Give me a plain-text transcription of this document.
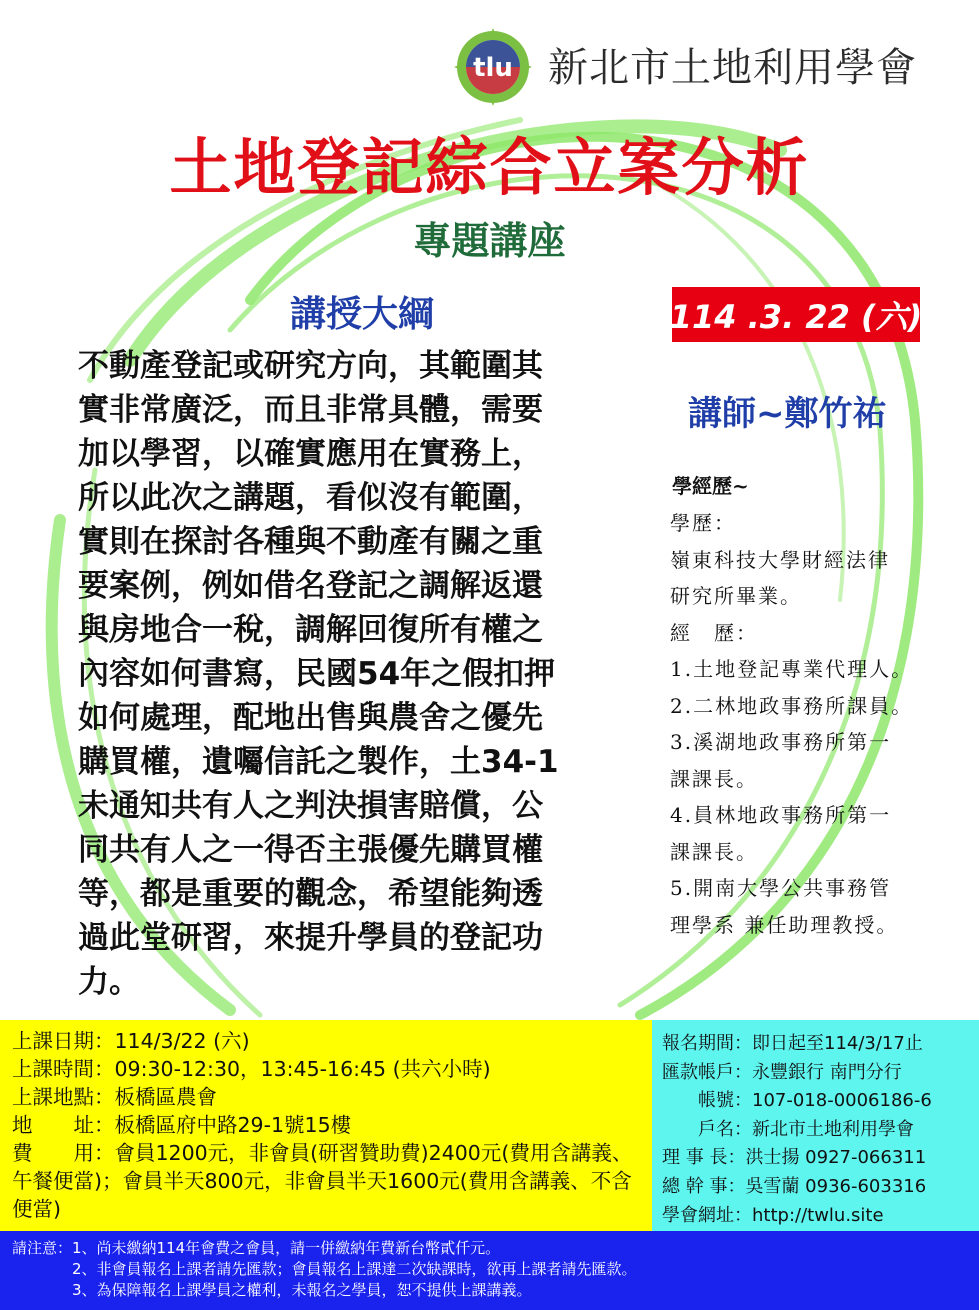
tlu 新北市土地利用學會
土地登記綜合立案分析
專題講座
講授大綱	114 .3. 22 (六)
不動產登記或研究方向，其範圍其
實非常廣泛，而且非常具體，需要
加以學習，以確實應用在實務上，
所以此次之講題，看似沒有範圍，
實則在探討各種與不動產有關之重
要案例，例如借名登記之調解返還
與房地合一稅，調解回復所有權之
內容如何書寫，民國54年之假扣押
如何處理，配地出售與農舍之優先
購買權，遺囑信託之製作，土34-1
未通知共有人之判決損害賠償，公
同共有人之一得否主張優先購買權
等，都是重要的觀念，希望能夠透
過此堂研習，來提升學員的登記功
力。
講師~鄭竹祐
學經歷~
學歷：
嶺東科技大學財經法律
研究所畢業。
經　歷：
1.土地登記專業代理人。
2.二林地政事務所課員。
3.溪湖地政事務所第一
課課長。
4.員林地政事務所第一
課課長。
5.開南大學公共事務管
理學系 兼任助理教授。
上課日期：114/3/22 (六)
上課時間：09:30-12:30，13:45-16:45 (共六小時)
上課地點：板橋區農會
地　　址：板橋區府中路29-1號15樓
費　　用：會員1200元，非會員(研習贊助費)2400元(費用含講義、午餐便當)；會員半天800元，非會員半天1600元(費用含講義、不含便當)
報名期間：即日起至114/3/17止
匯款帳戶：永豐銀行 南門分行
　　帳號：107-018-0006186-6
　　戶名：新北市土地利用學會
理 事 長：洪士揚 0927-066311
總 幹 事：吳雪蘭 0936-603316
學會網址：http://twlu.site
請注意：1、尚未繳納114年會費之會員，請一併繳納年費新台幣貳仟元。
　　　　2、非會員報名上課者請先匯款；會員報名上課達二次缺課時，欲再上課者請先匯款。
　　　　3、為保障報名上課學員之權利，未報名之學員，恕不提供上課講義。
